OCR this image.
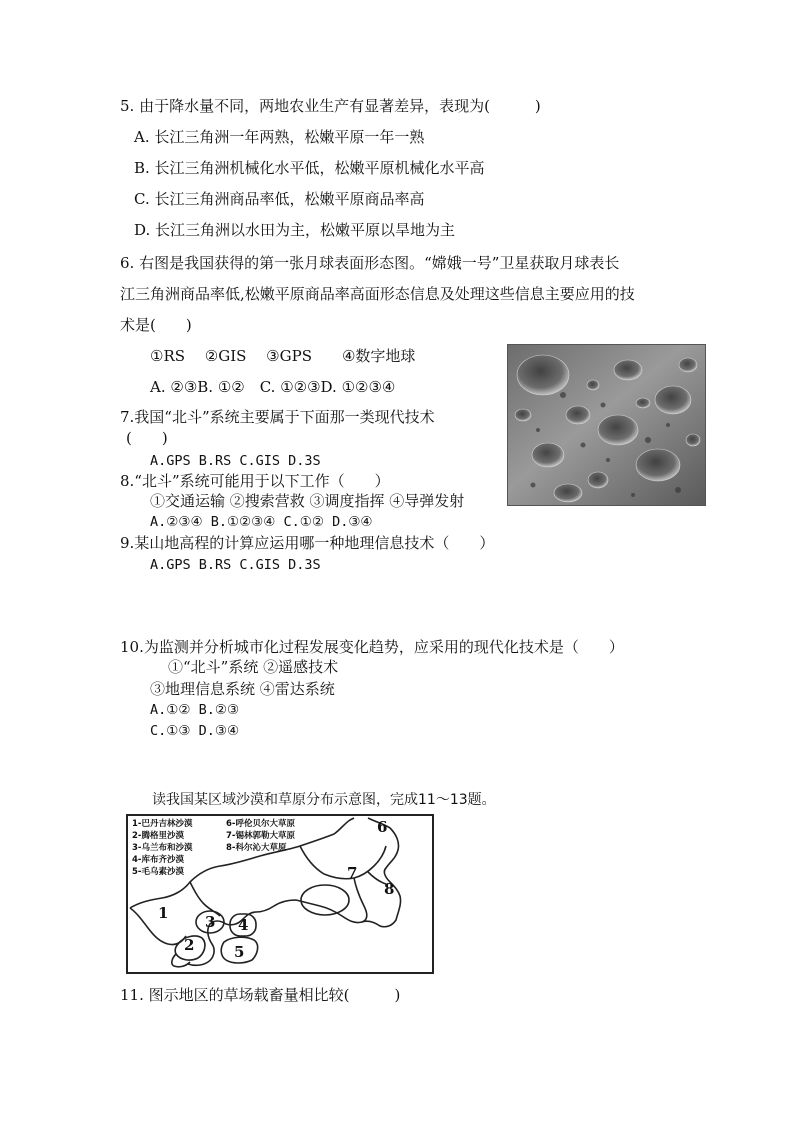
5. 由于降水量不同，两地农业生产有显著差异，表现为(　　　)
A. 长江三角洲一年两熟，松嫩平原一年一熟
B. 长江三角洲机械化水平低，松嫩平原机械化水平高
C. 长江三角洲商品率低，松嫩平原商品率高
D. 长江三角洲以水田为主，松嫩平原以旱地为主
6. 右图是我国获得的第一张月球表面形态图。“嫦娥一号”卫星获取月球表长
江三角洲商品率低,松嫩平原商品率高面形态信息及处理这些信息主要应用的技
术是(　　)
①RS　 ②GIS　 ③GPS　　④数字地球
A. ②③B. ①②　C. ①②③D. ①②③④
7.我国“北斗”系统主要属于下面那一类现代技术
(　　)
A.GPS B.RS C.GIS D.3S
8.“北斗”系统可能用于以下工作（　　）
①交通运输 ②搜索营救 ③调度指挥 ④导弹发射
A.②③④ B.①②③④ C.①② D.③④
9.某山地高程的计算应运用哪一种地理信息技术（　　）
A.GPS B.RS C.GIS D.3S
10.为监测并分析城市化过程发展变化趋势，应采用的现代化技术是（　　）
①“北斗”系统 ②遥感技术
③地理信息系统 ④雷达系统
A.①② B.②③
C.①③ D.③④
读我国某区域沙漠和草原分布示意图，完成11～13题。
1-巴丹吉林沙漠
2-腾格里沙漠
3-乌兰布和沙漠
4-库布齐沙漠
5-毛乌素沙漠
6-呼伦贝尔大草原
7-锡林郭勒大草原
8-科尔沁大草原
1
2
3 4
5
6
7
8
11. 图示地区的草场载畜量相比较(　　　)
